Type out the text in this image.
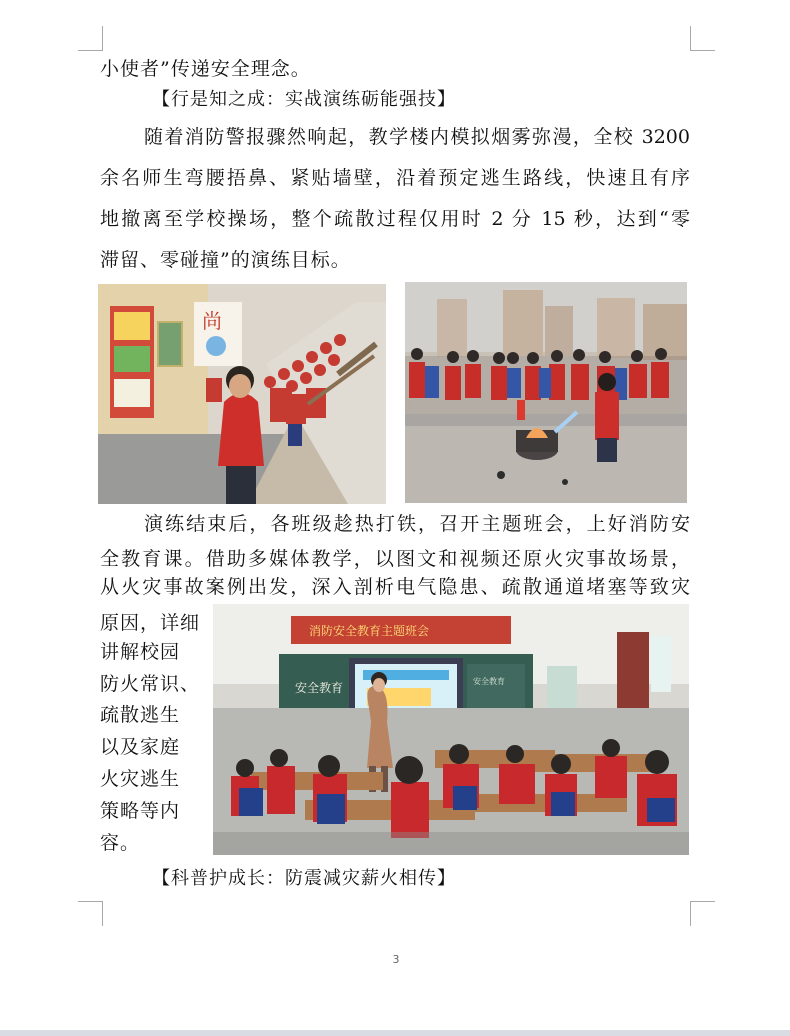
小使者”传递安全理念。
【行是知之成：实战演练砺能强技】
随着消防警报骤然响起，教学楼内模拟烟雾弥漫，全校 3200
余名师生弯腰捂鼻、紧贴墙壁，沿着预定逃生路线，快速且有序
地撤离至学校操场，整个疏散过程仅用时 2 分 15 秒，达到“零
滞留、零碰撞”的演练目标。
尚
演练结束后，各班级趁热打铁，召开主题班会，上好消防安
全教育课。借助多媒体教学，以图文和视频还原火灾事故场景，
从火灾事故案例出发，深入剖析电气隐患、疏散通道堵塞等致灾
原因，详细
讲解校园
防火常识、
疏散逃生
以及家庭
火灾逃生
策略等内
容。
消防安全教育主题班会
安全教育	安全教育
【科普护成长：防震减灾薪火相传】
3
